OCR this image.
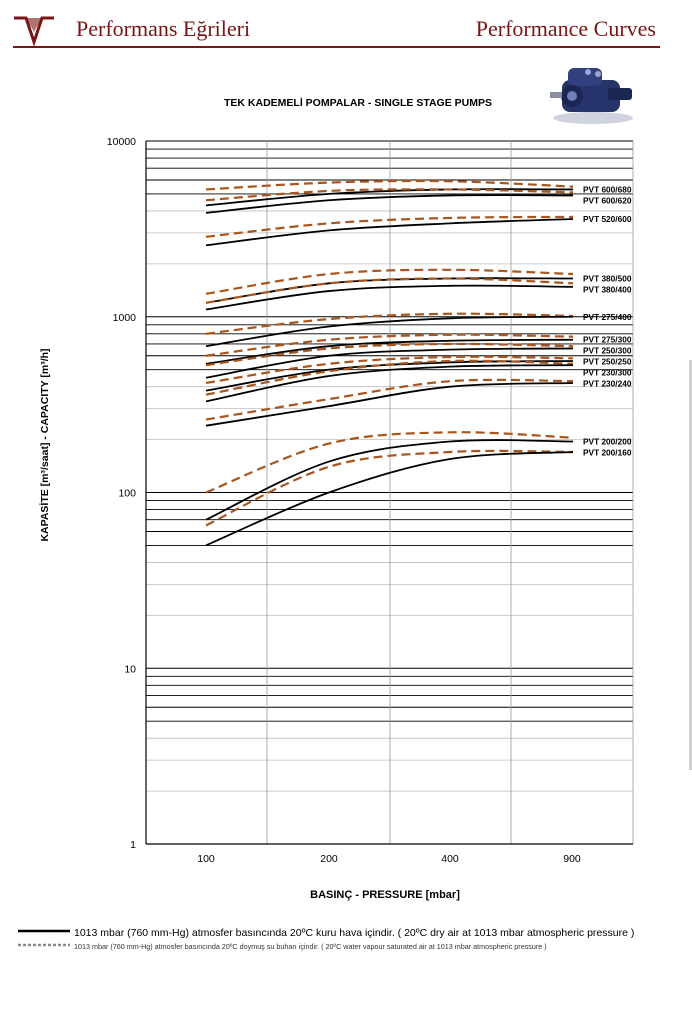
Performans Eğrileri	Performance Curves
TEK KADEMELİ POMPALAR - SINGLE STAGE PUMPS
PVT 600/680
PVT 600/620
PVT 520/600
PVT 380/500
PVT 380/400
PVT 275/400
PVT 275/300
PVT 250/300
PVT 250/250
PVT 230/300
PVT 230/240
PVT 200/200
PVT 200/160
1
10
100
1000
10000
100	200	400	900
BASINÇ - PRESSURE [mbar]
KAPASİTE [m³/saat] - CAPACITY [m³/h]
1013 mbar (760 mm-Hg) atmosfer basıncında 20ºC kuru hava içindir. ( 20ºC dry air at 1013 mbar atmospheric pressure )
1013 mbar (760 mm-Hg) atmosfer basıncında 20ºC doymuş su buharı içindir. ( 20ºC water vapour saturated air at 1013 mbar atmospheric pressure )
